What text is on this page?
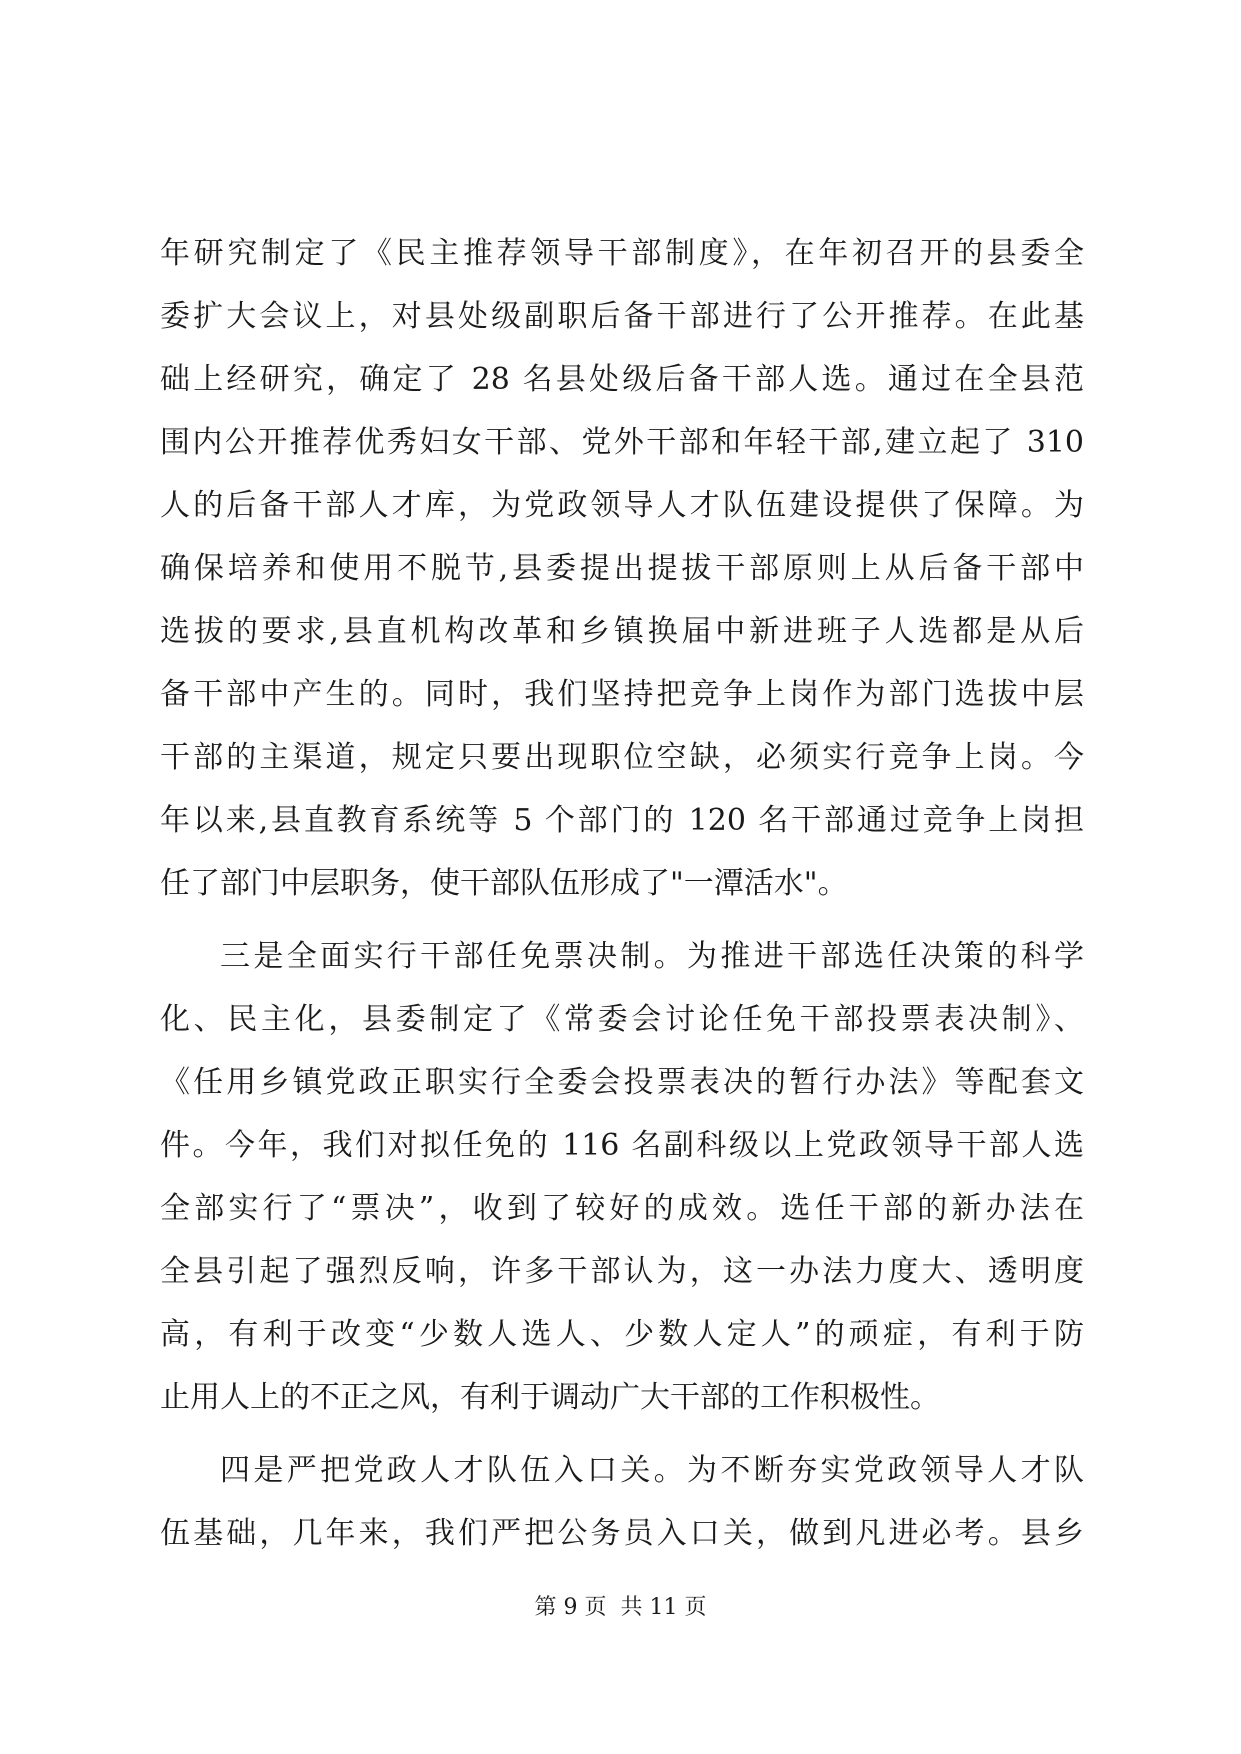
年研究制定了《民主推荐领导干部制度》，在年初召开的县委全
委扩大会议上，对县处级副职后备干部进行了公开推荐。在此基
础上经研究，确定了 28 名县处级后备干部人选。通过在全县范
围内公开推荐优秀妇女干部、党外干部和年轻干部,建立起了 310
人的后备干部人才库，为党政领导人才队伍建设提供了保障。为
确保培养和使用不脱节,县委提出提拔干部原则上从后备干部中
选拔的要求,县直机构改革和乡镇换届中新进班子人选都是从后
备干部中产生的。同时，我们坚持把竞争上岗作为部门选拔中层
干部的主渠道，规定只要出现职位空缺，必须实行竞争上岗。今
年以来,县直教育系统等 5 个部门的 120 名干部通过竞争上岗担
任了部门中层职务，使干部队伍形成了"一潭活水"。
三是全面实行干部任免票决制。为推进干部选任决策的科学
化、民主化，县委制定了《常委会讨论任免干部投票表决制》、
《任用乡镇党政正职实行全委会投票表决的暂行办法》等配套文
件。今年，我们对拟任免的 116 名副科级以上党政领导干部人选
全部实行了“票决”，收到了较好的成效。选任干部的新办法在
全县引起了强烈反响，许多干部认为，这一办法力度大、透明度
高，有利于改变“少数人选人、少数人定人”的顽症，有利于防
止用人上的不正之风，有利于调动广大干部的工作积极性。
四是严把党政人才队伍入口关。为不断夯实党政领导人才队
伍基础，几年来，我们严把公务员入口关，做到凡进必考。县乡
第 9 页 共 11 页
